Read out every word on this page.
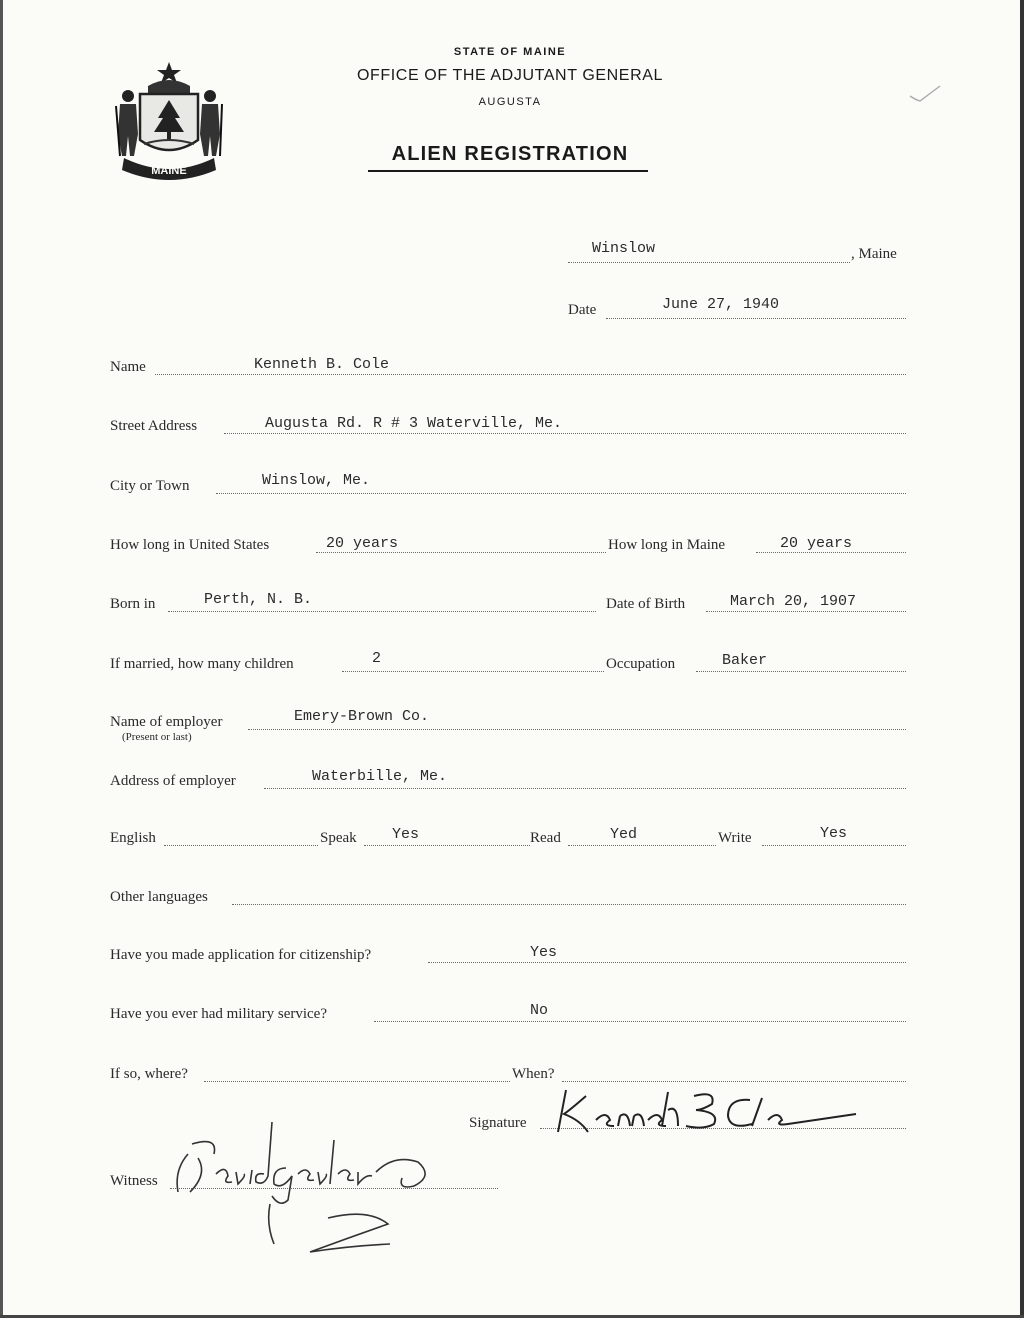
MAINE
STATE OF MAINE
OFFICE OF THE ADJUTANT GENERAL
AUGUSTA
ALIEN REGISTRATION
Winslow	, Maine
Date	June 27, 1940
Name	Kenneth B. Cole
Street Address	Augusta Rd. R # 3 Waterville, Me.
City or Town	Winslow, Me.
How long in United States	20 years	How long in Maine	20 years
Born in	Perth, N. B.	Date of Birth	March 20, 1907
If married, how many children	2	Occupation	Baker
Name of employer
(Present or last)
Emery-Brown Co.
Address of employer	Waterbille, Me.
English	Speak Yes	Read	Yed	Write	Yes
Other languages
Have you made application for citizenship?	Yes
Have you ever had military service?	No
If so, where?	When?
Signature
Witness
